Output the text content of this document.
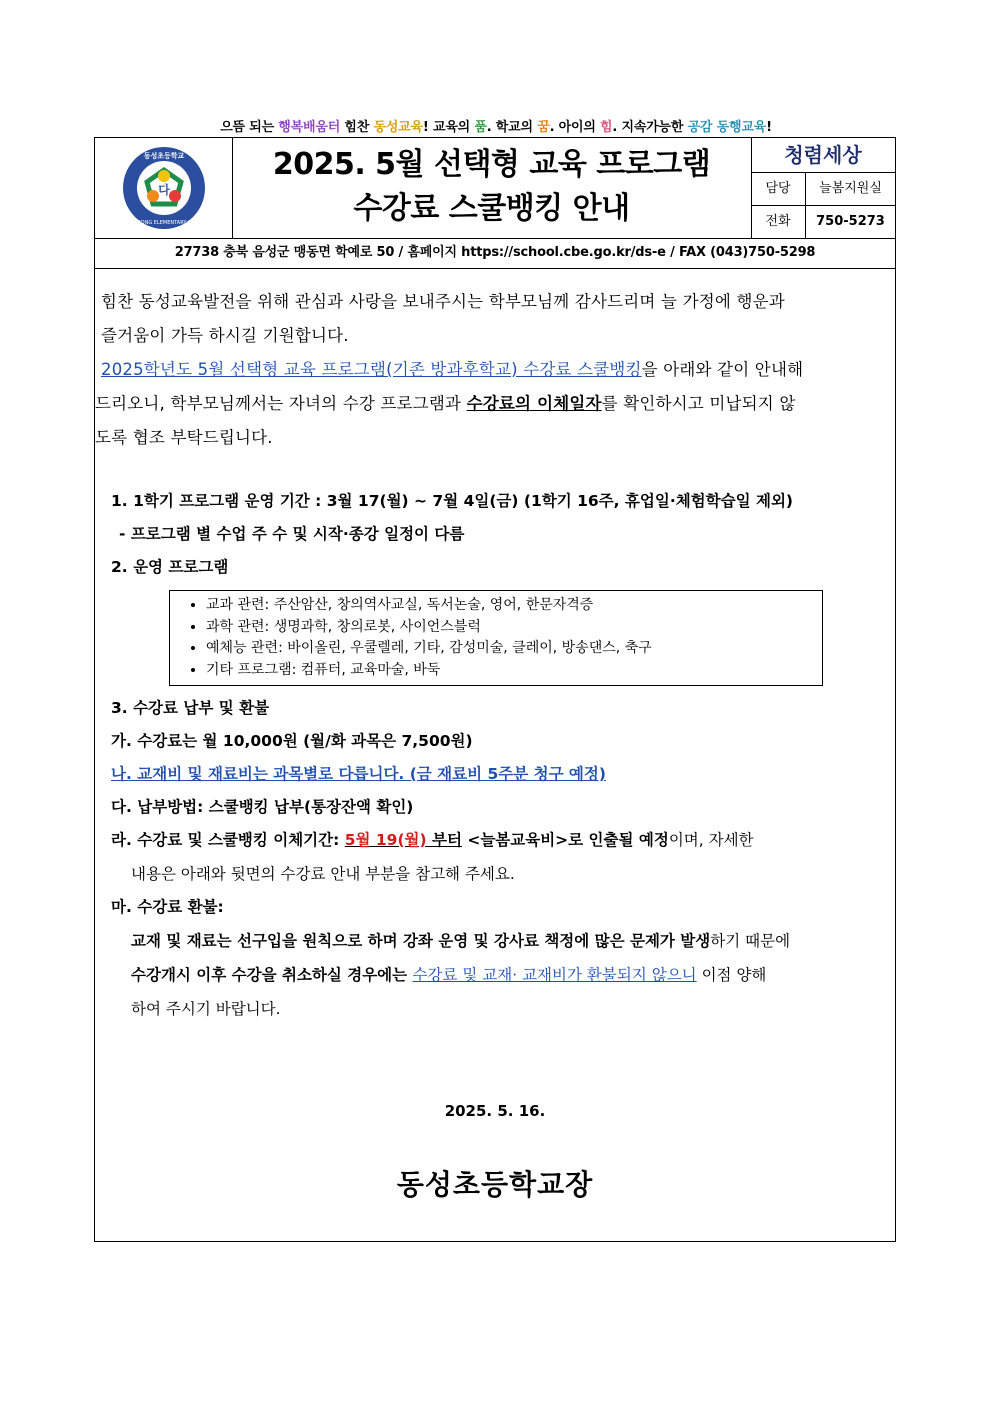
으뜸 되는 행복배움터 힘찬 동성교육! 교육의 품. 학교의 꿈. 아이의 힘. 지속가능한 공감 동행교육!
다
동성초등학교
DONGSEONG ELEMENTARY SCHOOL
2025. 5월 선택형 교육 프로그램
수강료 스쿨뱅킹 안내
청렴세상
담당	늘봄지원실
전화	750-5273
27738 충북 음성군 맹동면 학예로 50 / 홈페이지 https://school.cbe.go.kr/ds-e / FAX (043)750-5298
힘찬 동성교육발전을 위해 관심과 사랑을 보내주시는 학부모님께 감사드리며 늘 가정에 행운과
즐거움이 가득 하시길 기원합니다.
2025학년도 5월 선택형 교육 프로그램(기존 방과후학교) 수강료 스쿨뱅킹을 아래와 같이 안내해
드리오니, 학부모님께서는 자녀의 수강 프로그램과 수강료의 이체일자를 확인하시고 미납되지 않
도록 협조 부탁드립니다.
1. 1학기 프로그램 운영 기간 : 3월 17(월) ~ 7월 4일(금) (1학기 16주, 휴업일·체험학습일 제외)
- 프로그램 별 수업 주 수 및 시작·종강 일정이 다름
2. 운영 프로그램
• 교과 관련: 주산암산, 창의역사교실, 독서논술, 영어, 한문자격증
• 과학 관련: 생명과학, 창의로봇, 사이언스블럭
• 예체능 관련: 바이올린, 우쿨렐레, 기타, 감성미술, 클레이, 방송댄스, 축구
• 기타 프로그램: 컴퓨터, 교육마술, 바둑
3. 수강료 납부 및 환불
가. 수강료는 월 10,000원 (월/화 과목은 7,500원)
나. 교재비 및 재료비는 과목별로 다릅니다. (금 재료비 5주분 청구 예정)
다. 납부방법: 스쿨뱅킹 납부(통장잔액 확인)
라. 수강료 및 스쿨뱅킹 이체기간: 5월 19(월) 부터 <늘봄교육비>로 인출될 예정이며, 자세한
내용은 아래와 뒷면의 수강료 안내 부분을 참고해 주세요.
마. 수강료 환불:
교재 및 재료는 선구입을 원칙으로 하며 강좌 운영 및 강사료 책정에 많은 문제가 발생하기 때문에
수강개시 이후 수강을 취소하실 경우에는 수강료 및 교재· 교재비가 환불되지 않으니 이점 양해
하여 주시기 바랍니다.
2025. 5. 16.
동성초등학교장
